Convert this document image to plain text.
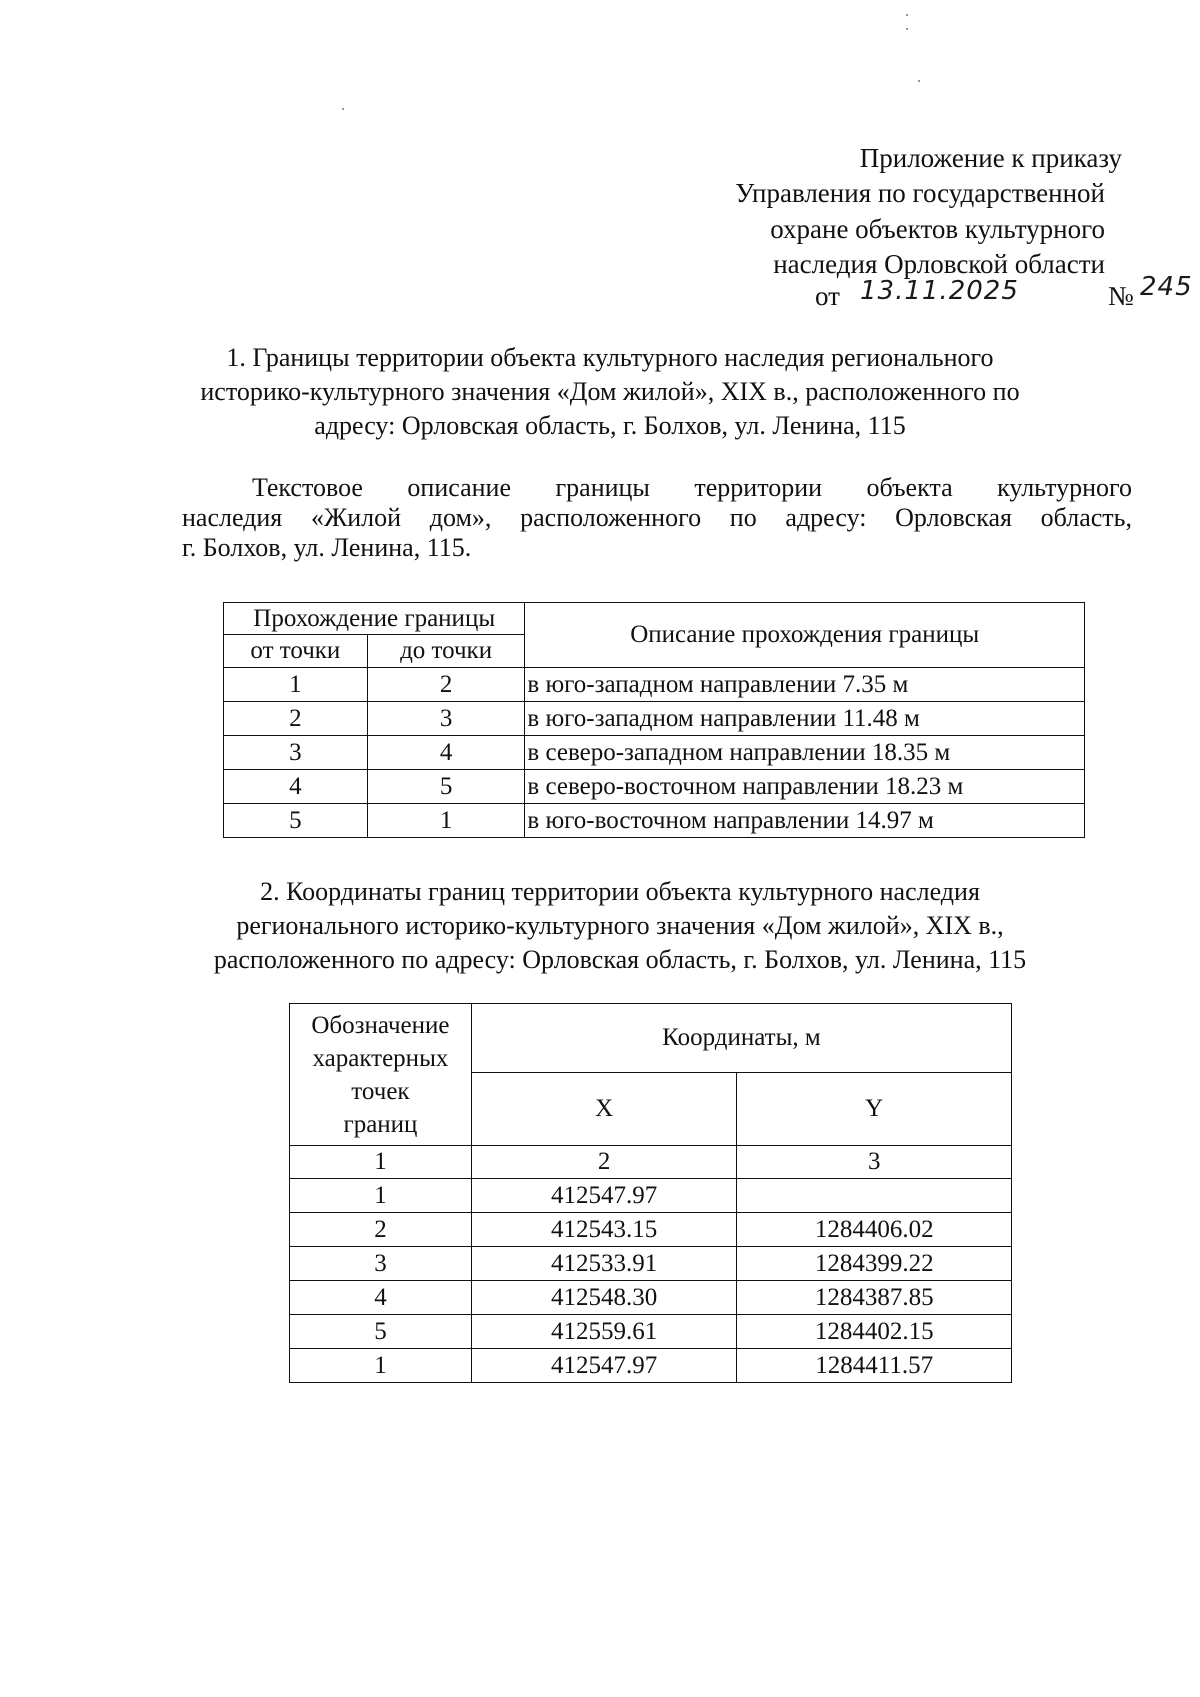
Приложение к приказу
Управления по государственной
охране объектов культурного
наследия Орловской области
от 13.11.2025	№ 245
1. Границы территории объекта культурного наследия регионального
историко-культурного значения «Дом жилой», XIX в., расположенного по
адресу: Орловская область, г. Болхов, ул. Ленина, 115
Текстовое описание границы территории объекта культурного
наследия «Жилой дом», расположенного по адресу: Орловская область,
г. Болхов, ул. Ленина, 115.
Прохождение границы		Описание прохождения границы
от точки	до точки	
1	2	в юго-западном направлении 7.35 м
2	3	в юго-западном направлении 11.48 м
3	4	в северо-западном направлении 18.35 м
4	5	в северо-восточном направлении 18.23 м
5	1	в юго-восточном направлении 14.97 м
2. Координаты границ территории объекта культурного наследия
регионального историко-культурного значения «Дом жилой», XIX в.,
расположенного по адресу: Орловская область, г. Болхов, ул. Ленина, 115
Обозначение
характерных
точек
границ	Координаты, м	
	X	Y
1	2	3
1	412547.97	
2	412543.15	1284406.02
3	412533.91	1284399.22
4	412548.30	1284387.85
5	412559.61	1284402.15
1	412547.97	1284411.57
